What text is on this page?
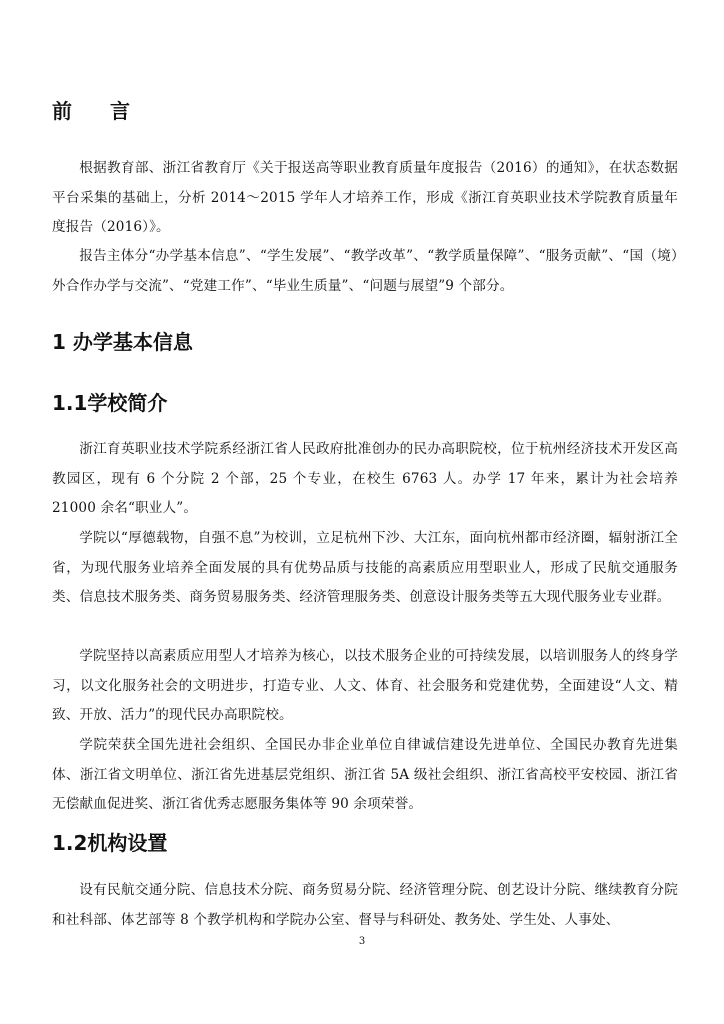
前 言

根据教育部、浙江省教育厅《关于报送高等职业教育质量年度报告（2016）的通知》，在状态数据平台采集的基础上，分析 2014～2015 学年人才培养工作，形成《浙江育英职业技术学院教育质量年度报告（2016）》。

报告主体分“办学基本信息”、“学生发展”、“教学改革”、“教学质量保障”、“服务贡献”、“国（境）外合作办学与交流”、“党建工作”、“毕业生质量”、“问题与展望”9 个部分。

1 办学基本信息
1.1学校简介

浙江育英职业技术学院系经浙江省人民政府批准创办的民办高职院校，位于杭州经济技术开发区高教园区，现有 6 个分院 2 个部，25 个专业，在校生 6763 人。办学 17 年来，累计为社会培养 21000 余名“职业人”。

学院以“厚德载物，自强不息”为校训，立足杭州下沙、大江东，面向杭州都市经济圈，辐射浙江全省，为现代服务业培养全面发展的具有优势品质与技能的高素质应用型职业人，形成了民航交通服务类、信息技术服务类、商务贸易服务类、经济管理服务类、创意设计服务类等五大现代服务业专业群。

学院坚持以高素质应用型人才培养为核心，以技术服务企业的可持续发展，以培训服务人的终身学习，以文化服务社会的文明进步，打造专业、人文、体育、社会服务和党建优势，全面建设“人文、精致、开放、活力”的现代民办高职院校。

学院荣获全国先进社会组织、全国民办非企业单位自律诚信建设先进单位、全国民办教育先进集体、浙江省文明单位、浙江省先进基层党组织、浙江省 5A 级社会组织、浙江省高校平安校园、浙江省无偿献血促进奖、浙江省优秀志愿服务集体等 90 余项荣誉。

1.2机构设置

设有民航交通分院、信息技术分院、商务贸易分院、经济管理分院、创艺设计分院、继续教育分院和社科部、体艺部等 8 个教学机构和学院办公室、督导与科研处、教务处、学生处、人事处、

3
